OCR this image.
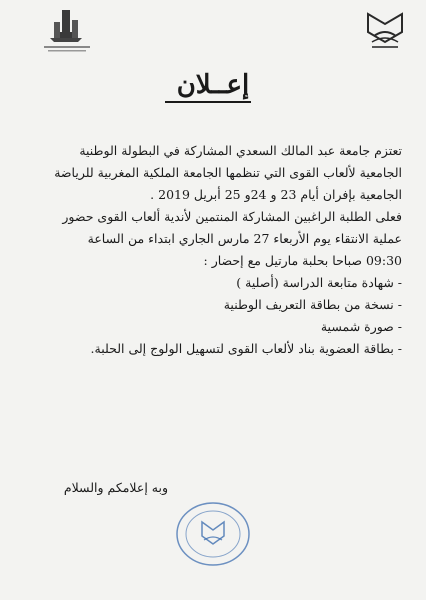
إعــلان

تعتزم جامعة عبد المالك السعدي المشاركة في البطولة الوطنية

الجامعية لألعاب القوى التي تنظمها الجامعة الملكية المغربية للرياضة

الجامعية بإفران أيام 23 و 24و 25 أبريل 2019 .

فعلى الطلبة الراغبين المشاركة المنتمين لأندية ألعاب القوى حضور

عملية الانتقاء يوم الأربعاء 27 مارس الجاري ابتداء من الساعة

09:30 صباحا بحلبة مارتيل مع إحضار :

- شهادة متابعة الدراسة (أصلية )
- نسخة من بطاقة التعريف الوطنية
- صورة شمسية
- بطاقة العضوية بناد لألعاب القوى لتسهيل الولوج إلى الحلبة.
وبه إعلامكم والسلام
